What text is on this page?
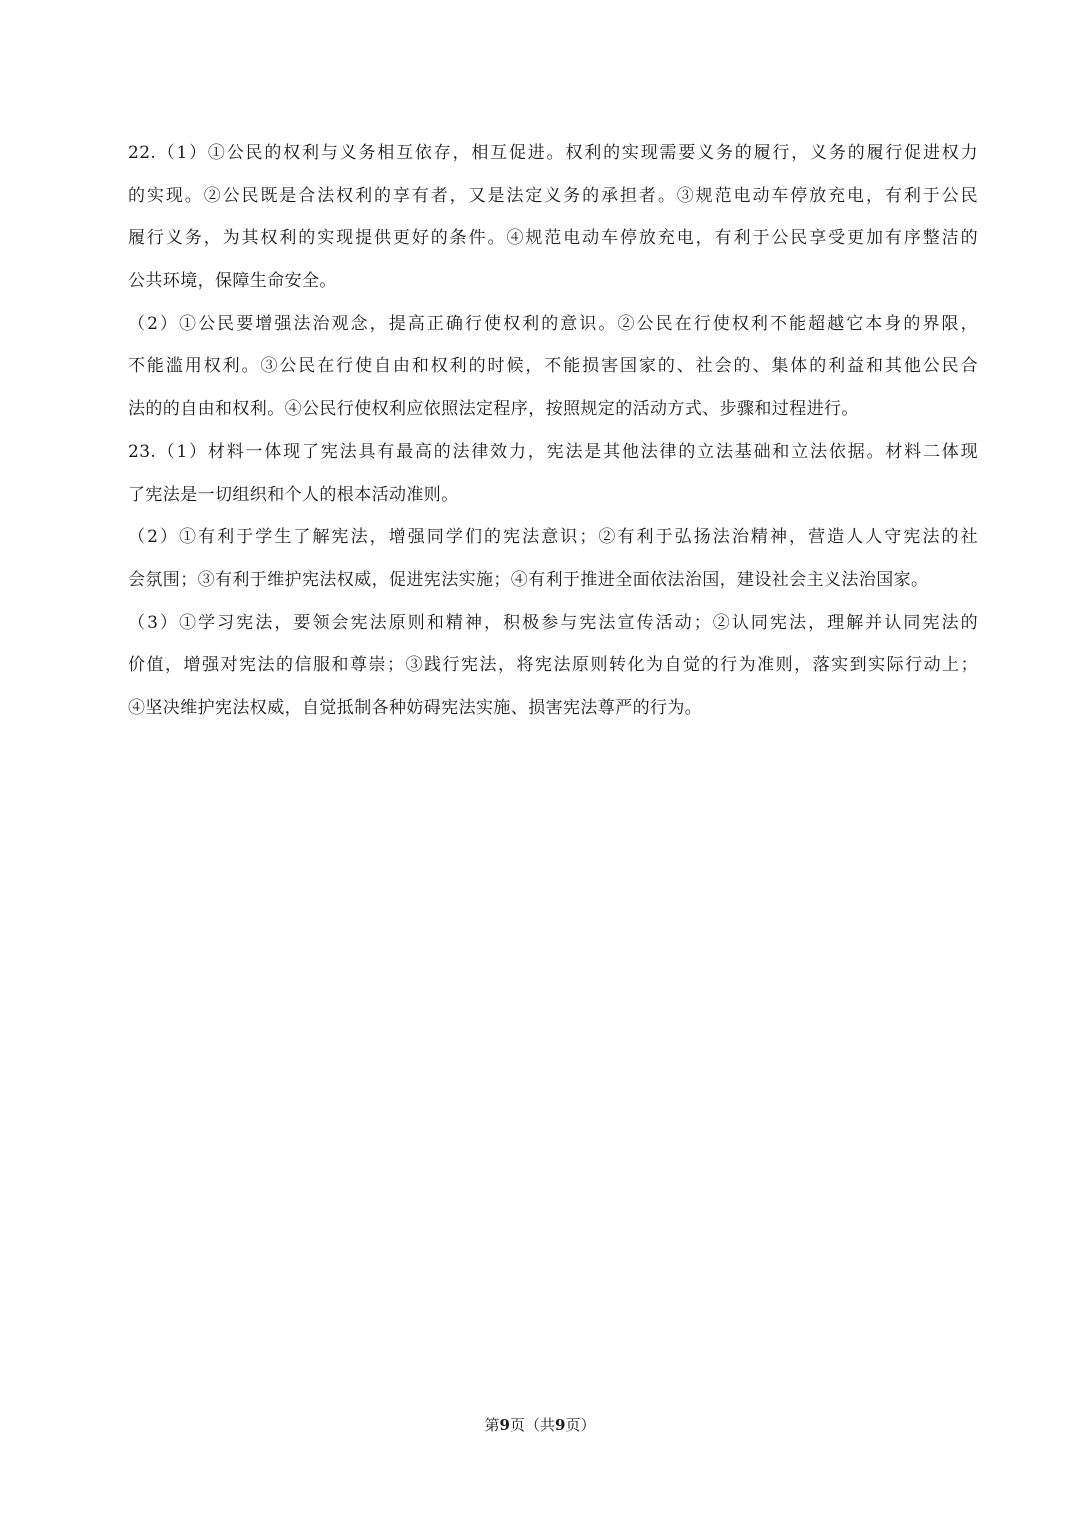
22.（1）①公民的权利与义务相互依存，相互促进。权利的实现需要义务的履行，义务的履行促进权力
的实现。②公民既是合法权利的享有者，又是法定义务的承担者。③规范电动车停放充电，有利于公民
履行义务，为其权利的实现提供更好的条件。④规范电动车停放充电，有利于公民享受更加有序整洁的
公共环境，保障生命安全。
（2）①公民要增强法治观念，提高正确行使权利的意识。②公民在行使权利不能超越它本身的界限，
不能滥用权利。③公民在行使自由和权利的时候，不能损害国家的、社会的、集体的利益和其他公民合
法的的自由和权利。④公民行使权利应依照法定程序，按照规定的活动方式、步骤和过程进行。
23.（1）材料一体现了宪法具有最高的法律效力，宪法是其他法律的立法基础和立法依据。材料二体现
了宪法是一切组织和个人的根本活动准则。
（2）①有利于学生了解宪法，增强同学们的宪法意识；②有利于弘扬法治精神，营造人人守宪法的社
会氛围；③有利于维护宪法权威，促进宪法实施；④有利于推进全面依法治国，建设社会主义法治国家。
（3）①学习宪法，要领会宪法原则和精神，积极参与宪法宣传活动；②认同宪法，理解并认同宪法的
价值，增强对宪法的信服和尊崇；③践行宪法，将宪法原则转化为自觉的行为准则，落实到实际行动上；
④坚决维护宪法权威，自觉抵制各种妨碍宪法实施、损害宪法尊严的行为。
第9页（共9页）
